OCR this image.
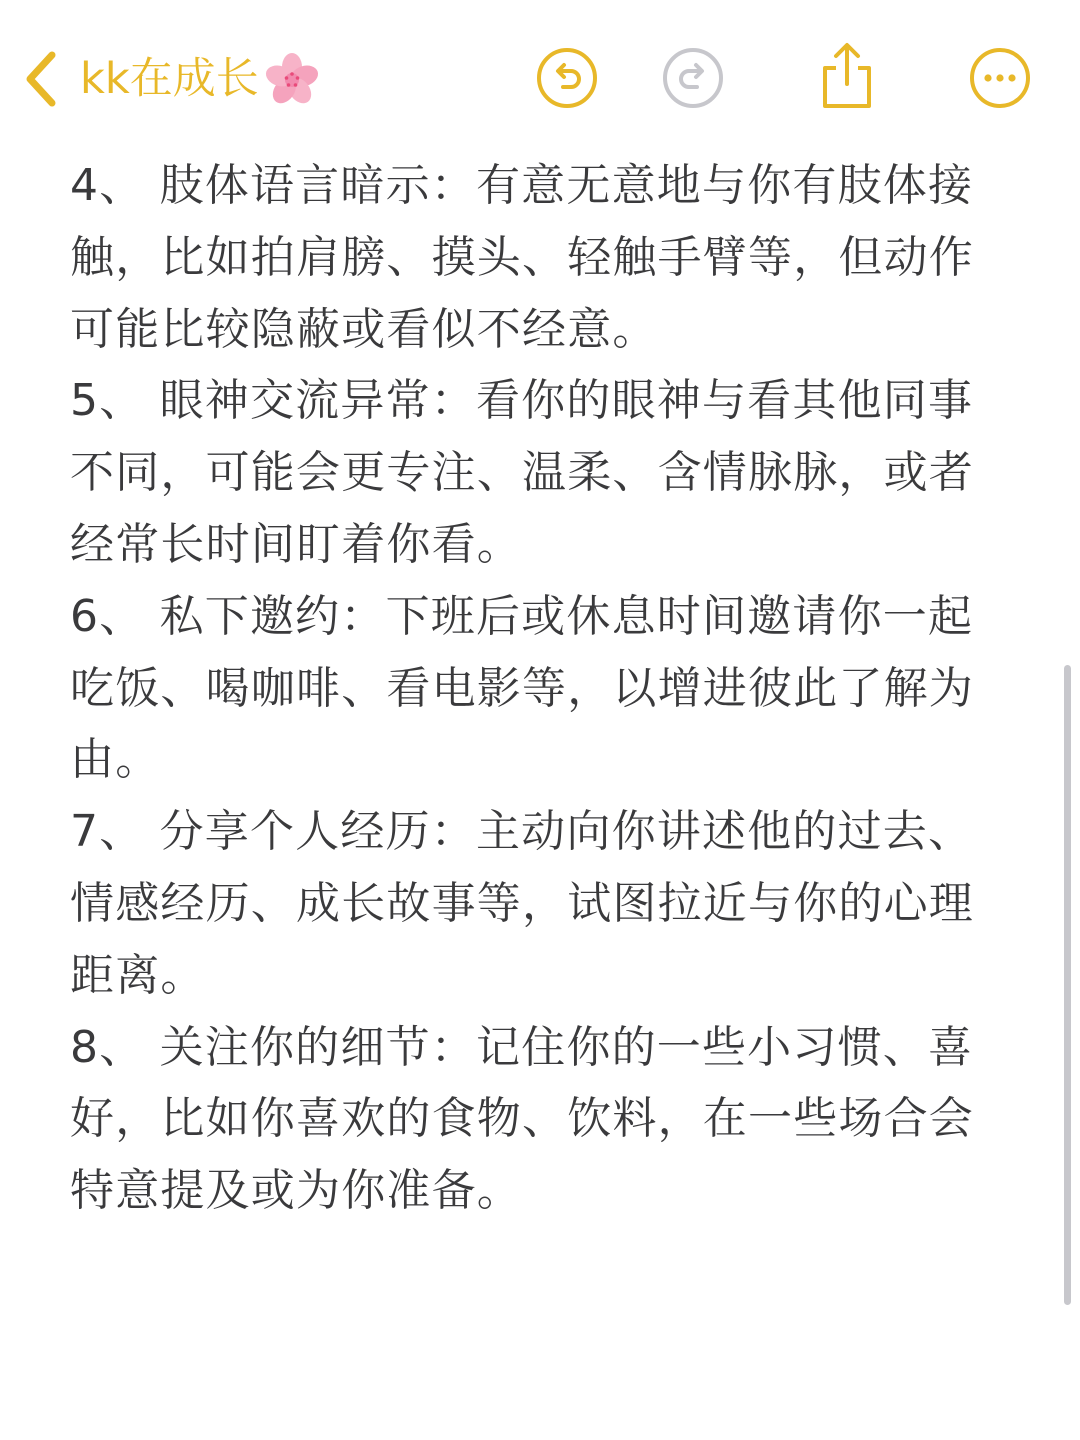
kk在成长

4、 肢体语言暗示：有意无意地与你有肢体接触，比如拍肩膀、摸头、轻触手臂等，但动作可能比较隐蔽或看似不经意。

5、 眼神交流异常：看你的眼神与看其他同事不同，可能会更专注、温柔、含情脉脉，或者经常长时间盯着你看。

6、 私下邀约：下班后或休息时间邀请你一起吃饭、喝咖啡、看电影等，以增进彼此了解为由。

7、 分享个人经历：主动向你讲述他的过去、情感经历、成长故事等，试图拉近与你的心理距离。

8、 关注你的细节：记住你的一些小习惯、喜好，比如你喜欢的食物、饮料，在一些场合会特意提及或为你准备。
